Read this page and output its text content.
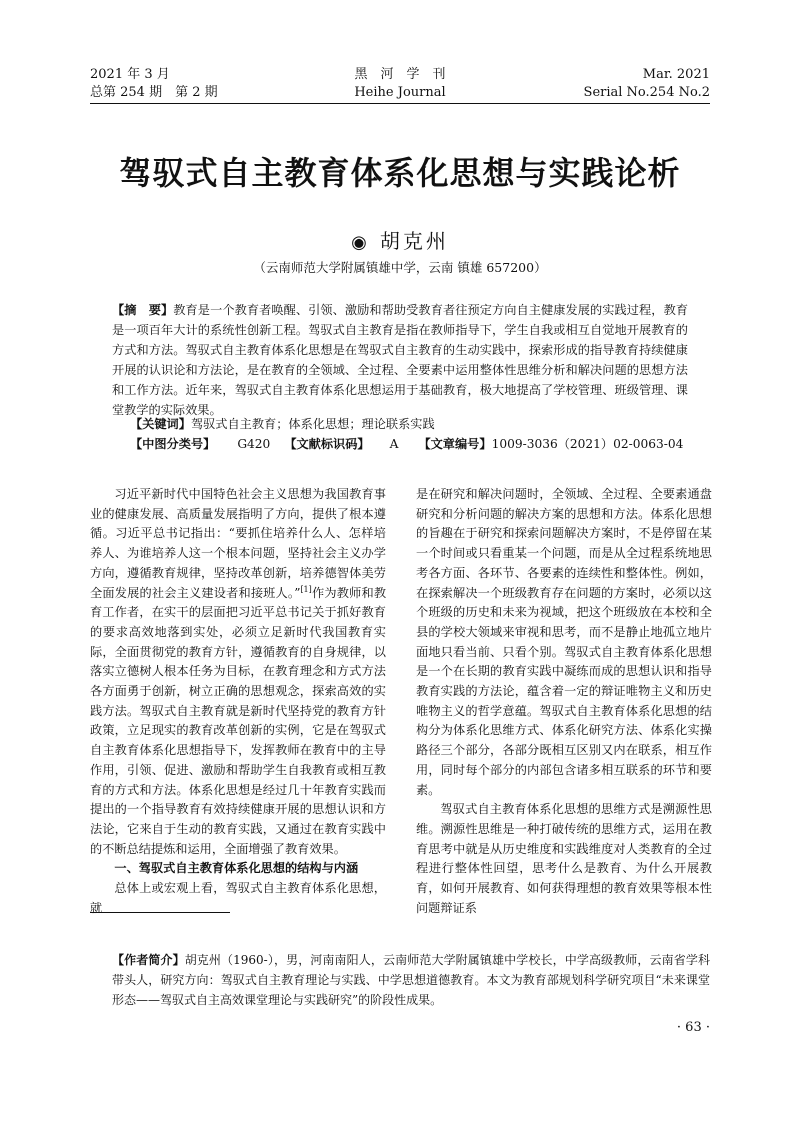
2021 年 3 月
总第 254 期　第 2 期
黑　河　学　刊
Heihe Journal
Mar. 2021
Serial No.254 No.2
驾驭式自主教育体系化思想与实践论析
◉ 胡克州
（云南师范大学附属镇雄中学，云南 镇雄 657200）
【摘　要】教育是一个教育者唤醒、引领、激励和帮助受教育者往预定方向自主健康发展的实践过程，教育是一项百年大计的系统性创新工程。驾驭式自主教育是指在教师指导下，学生自我或相互自觉地开展教育的方式和方法。驾驭式自主教育体系化思想是在驾驭式自主教育的生动实践中，探索形成的指导教育持续健康开展的认识论和方法论，是在教育的全领域、全过程、全要素中运用整体性思维分析和解决问题的思想方法和工作方法。近年来，驾驭式自主教育体系化思想运用于基础教育，极大地提高了学校管理、班级管理、课堂教学的实际效果。
【关键词】驾驭式自主教育；体系化思想；理论联系实践
【中图分类号】 G420 【文献标识码】 A 【文章编号】1009-3036（2021）02-0063-04

习近平新时代中国特色社会主义思想为我国教育事业的健康发展、高质量发展指明了方向，提供了根本遵循。习近平总书记指出：“要抓住培养什么人、怎样培养人、为谁培养人这一个根本问题，坚持社会主义办学方向，遵循教育规律，坚持改革创新，培养德智体美劳全面发展的社会主义建设者和接班人。”[1]作为教师和教育工作者，在实干的层面把习近平总书记关于抓好教育的要求高效地落到实处，必须立足新时代我国教育实际，全面贯彻党的教育方针，遵循教育的自身规律，以落实立德树人根本任务为目标，在教育理念和方式方法各方面勇于创新，树立正确的思想观念，探索高效的实践方法。驾驭式自主教育就是新时代坚持党的教育方针政策，立足现实的教育改革创新的实例，它是在驾驭式自主教育体系化思想指导下，发挥教师在教育中的主导作用，引领、促进、激励和帮助学生自我教育或相互教育的方式和方法。体系化思想是经过几十年教育实践而提出的一个指导教育有效持续健康开展的思想认识和方法论，它来自于生动的教育实践，又通过在教育实践中的不断总结提炼和运用，全面增强了教育效果。

一、驾驭式自主教育体系化思想的结构与内涵

总体上或宏观上看，驾驭式自主教育体系化思想，就

是在研究和解决问题时，全领域、全过程、全要素通盘研究和分析问题的解决方案的思想和方法。体系化思想的旨趣在于研究和探索问题解决方案时，不是停留在某一个时间或只看重某一个问题，而是从全过程系统地思考各方面、各环节、各要素的连续性和整体性。例如，在探索解决一个班级教育存在问题的方案时，必须以这个班级的历史和未来为视域，把这个班级放在本校和全县的学校大领域来审视和思考，而不是静止地孤立地片面地只看当前、只看个别。驾驭式自主教育体系化思想是一个在长期的教育实践中凝练而成的思想认识和指导教育实践的方法论，蕴含着一定的辩证唯物主义和历史唯物主义的哲学意蕴。驾驭式自主教育体系化思想的结构分为体系化思维方式、体系化研究方法、体系化实操路径三个部分，各部分既相互区别又内在联系，相互作用，同时每个部分的内部包含诸多相互联系的环节和要素。

驾驭式自主教育体系化思想的思维方式是溯源性思维。溯源性思维是一种打破传统的思维方式，运用在教育思考中就是从历史维度和实践维度对人类教育的全过程进行整体性回望，思考什么是教育、为什么开展教育，如何开展教育、如何获得理想的教育效果等根本性问题辩证系

【作者简介】胡克州（1960-），男，河南南阳人，云南师范大学附属镇雄中学校长，中学高级教师，云南省学科带头人，研究方向：驾驭式自主教育理论与实践、中学思想道德教育。本文为教育部规划科学研究项目“未来课堂形态——驾驭式自主高效课堂理论与实践研究”的阶段性成果。
· 63 ·
